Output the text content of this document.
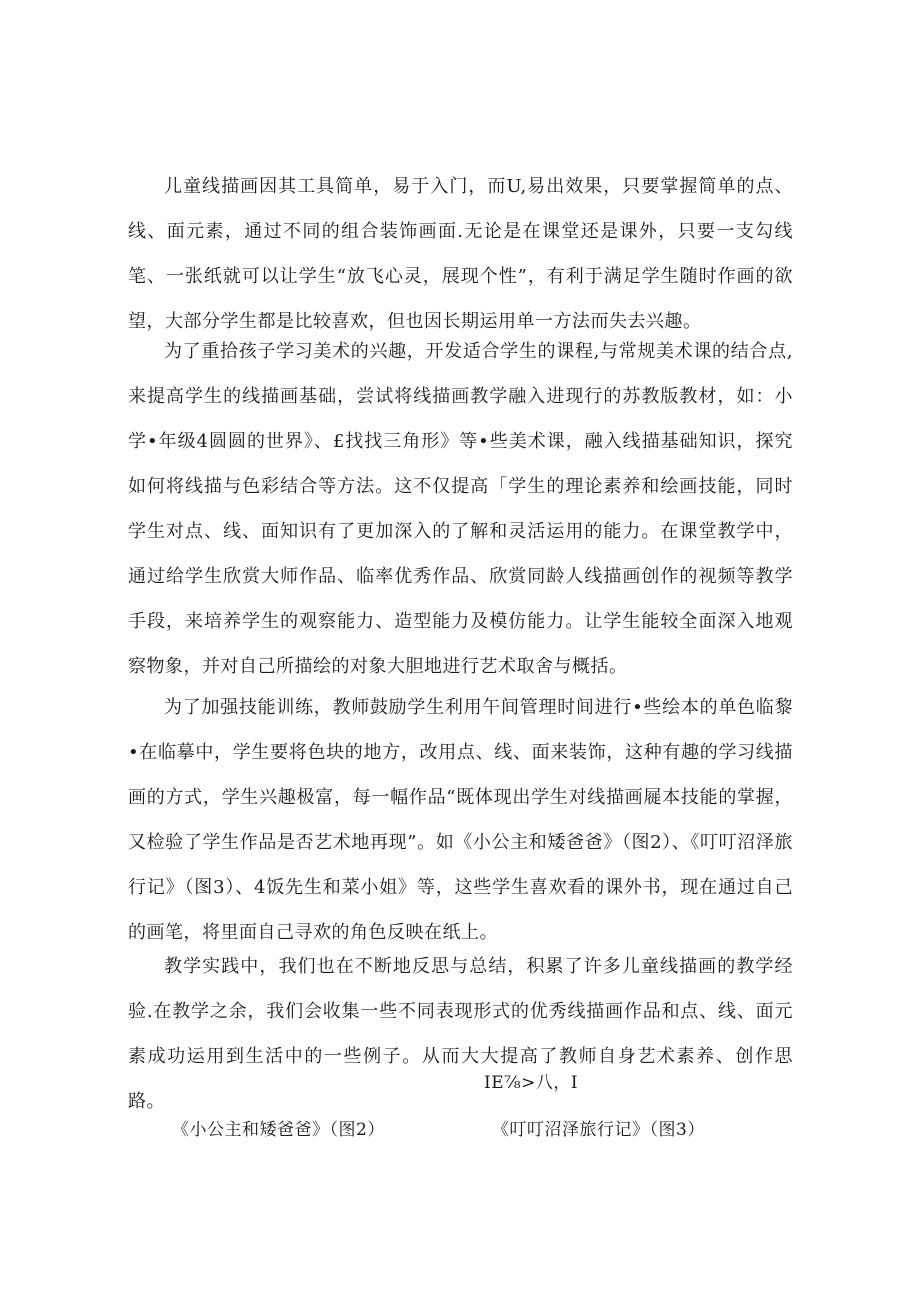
儿童线描画因其工具简单，易于入门，而U,易出效果，只要掌握简单的点、线、面元素，通过不同的组合装饰画面.无论是在课堂还是课外，只要一支勾线笔、一张纸就可以让学生“放飞心灵，展现个性”，有利于满足学生随时作画的欲望，大部分学生都是比较喜欢，但也因长期运用单一方法而失去兴趣。

为了重拾孩子学习美术的兴趣，开发适合学生的课程,与常规美术课的结合点,来提高学生的线描画基础，尝试将线描画教学融入进现行的苏教版教材，如：小学•年级4圆圆的世界》、£找找三角形》等•些美术课，融入线描基础知识，探究如何将线描与色彩结合等方法。这不仅提高「学生的理论素养和绘画技能，同时学生对点、线、面知识有了更加深入的了解和灵活运用的能力。在课堂教学中，通过给学生欣赏大师作品、临率优秀作品、欣赏同龄人线描画创作的视频等教学手段，来培养学生的观察能力、造型能力及模仿能力。让学生能较全面深入地观察物象，并对自己所描绘的对象大胆地进行艺术取舍与概括。

为了加强技能训练，教师鼓励学生利用午间管理时间进行•些绘本的单色临黎•在临摹中，学生要将色块的地方，改用点、线、面来装饰，这种有趣的学习线描画的方式，学生兴趣极富，每一幅作品“既体现出学生对线描画屣本技能的掌握，又检验了学生作品是否艺术地再现”。如《小公主和矮爸爸》（图2）、《叮叮沼泽旅行记》（图3）、4饭先生和菜小姐》等，这些学生喜欢看的课外书，现在通过自己的画笔，将里面自己寻欢的角色反映在纸上。

教学实践中，我们也在不断地反思与总结，积累了许多儿童线描画的教学经验.在教学之余，我们会收集一些不同表现形式的优秀线描画作品和点、线、面元素成功运用到生活中的一些例子。从而大大提高了教师自身艺术素养、创作思路。

IE⅞>八，I

《小公主和矮爸爸》（图2）	《叮叮沼泽旅行记》（图3）
